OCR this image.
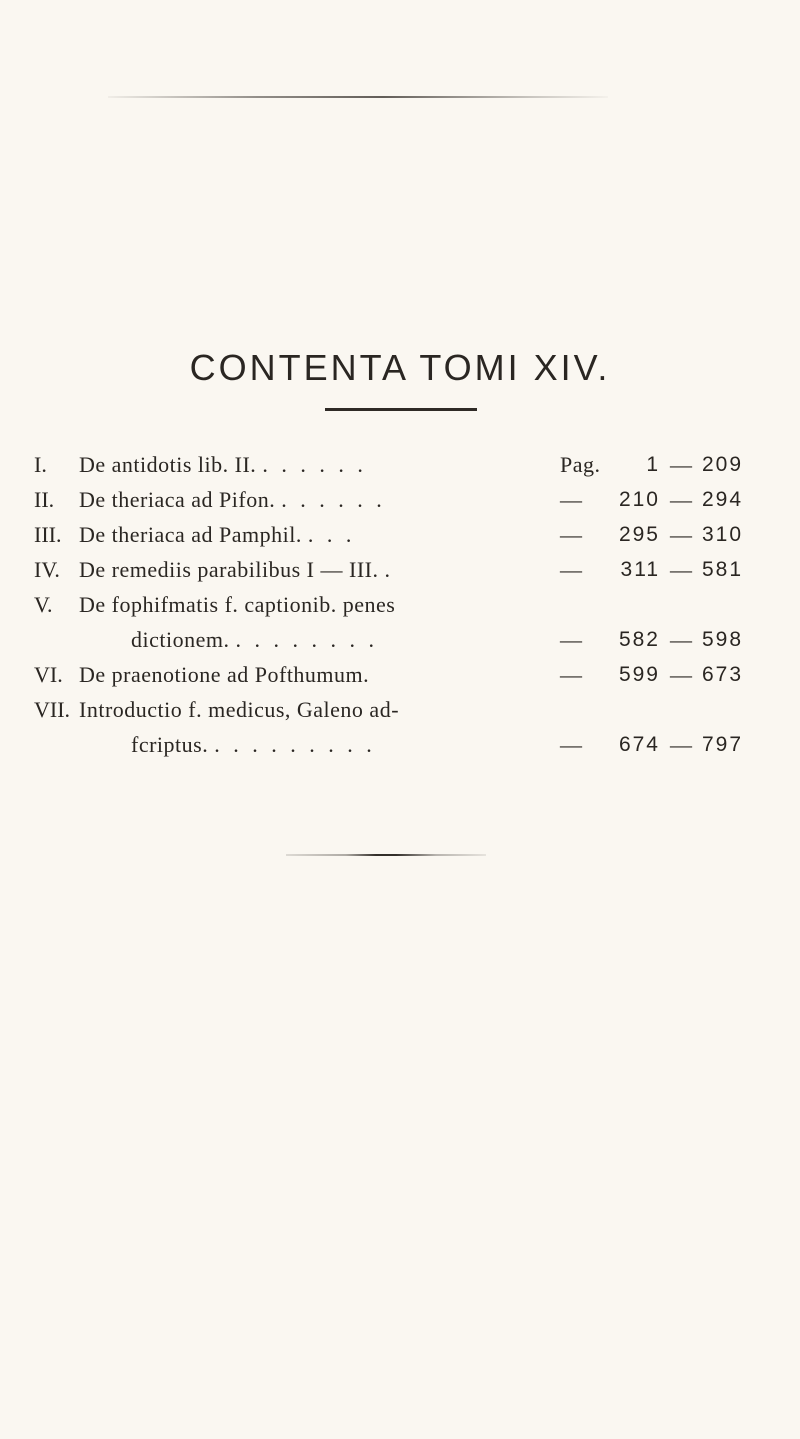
CONTENTA TOMI XIV.
I. De antidotis lib. II. . . . . . .	Pag.	1 — 209
II. De theriaca ad Pifon. . . . . . .	—	210 — 294
III. De theriaca ad Pamphil. . . .	—	295 — 310
IV. De remediis parabilibus I — III. .	—	311 — 581
V. De fophifmatis f. captionib. penes
dictionem. . . . . . . . .	—	582 — 598
VI. De praenotione ad Pofthumum.	—	599 — 673
VII. Introductio f. medicus, Galeno ad-
fcriptus. . . . . . . . . .	—	674 — 797
